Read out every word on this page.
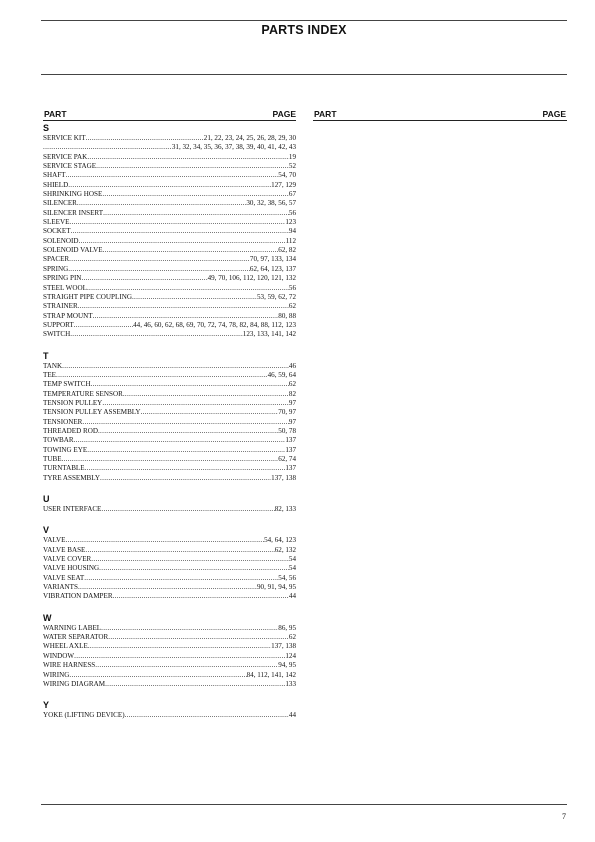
PARTS INDEX
PART	PAGE PART	PAGE
S
SERVICE KIT .....	21, 22, 23, 24, 25, 26, 28, 29, 30
.....
31, 32, 34, 35, 36, 37, 38, 39, 40, 41, 42, 43
SERVICE PAK .....	19
SERVICE STAGE .....	52
SHAFT .....	54, 70
SHIELD .....	127, 129
SHRINKING HOSE .....	67
SILENCER .....	30, 32, 38, 56, 57
SILENCER INSERT .....	56
SLEEVE .....	123
SOCKET .....	94
SOLENOID .....	112
SOLENOID VALVE .....	62, 82
SPACER .....	70, 97, 133, 134
SPRING .....	62, 64, 123, 137
SPRING PIN .....	49, 70, 106, 112, 120, 121, 132
STEEL WOOL .....	56
STRAIGHT PIPE COUPLING .....	53, 59, 62, 72
STRAINER .....	62
STRAP MOUNT .....	80, 88
SUPPORT .....	44, 46, 60, 62, 68, 69, 70, 72, 74, 78, 82, 84, 88, 112, 123
SWITCH .....	123, 133, 141, 142
T
TANK .....	46
TEE .....	46, 59, 64
TEMP SWITCH .....	62
TEMPERATURE SENSOR .....	82
TENSION PULLEY .....	97
TENSION PULLEY ASSEMBLY .....	70, 97
TENSIONER .....	97
THREADED ROD .....	50, 78
TOWBAR .....	137
TOWING EYE .....	137
TUBE .....	62, 74
TURNTABLE .....	137
TYRE ASSEMBLY .....	137, 138
U
USER INTERFACE .....	82, 133
V
VALVE .....	54, 64, 123
VALVE BASE .....	62, 132
VALVE COVER .....	54
VALVE HOUSING .....	54
VALVE SEAT .....	54, 56
VARIANTS .....	90, 91, 94, 95
VIBRATION DAMPER .....	44
W
WARNING LABEL .....	86, 95
WATER SEPARATOR .....	62
WHEEL AXLE .....	137, 138
WINDOW .....	124
WIRE HARNESS .....	94, 95
WIRING .....	84, 112, 141, 142
WIRING DIAGRAM .....	133
Y
YOKE (LIFTING DEVICE) .....	44
7
